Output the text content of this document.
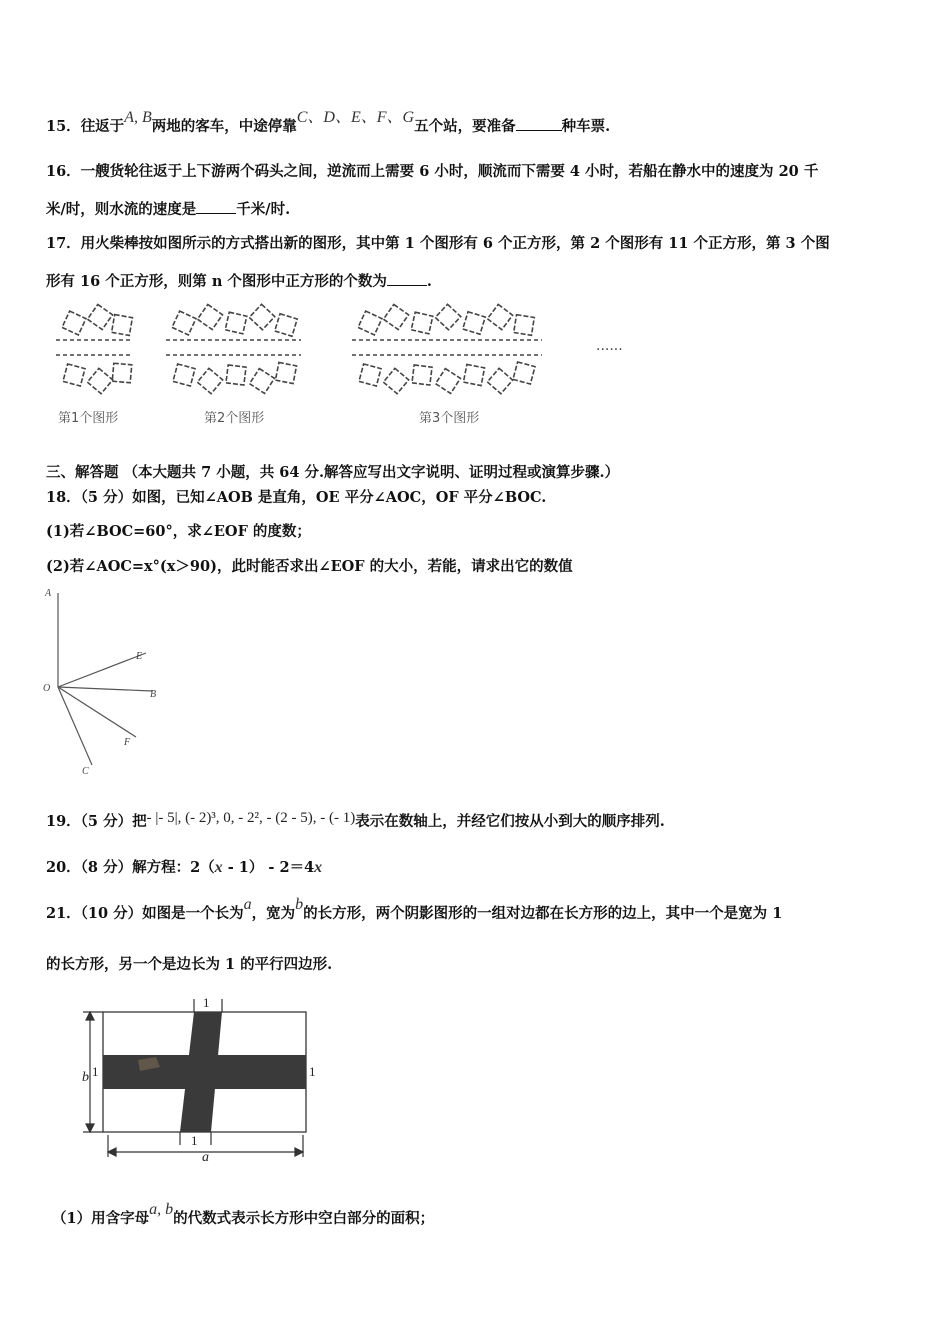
15．往返于A, B两地的客车，中途停靠C、D、E、F、G五个站，要准备	种车票.
16．一艘货轮往返于上下游两个码头之间，逆流而上需要 6 小时，顺流而下需要 4 小时，若船在静水中的速度为 20 千
米/时，则水流的速度是	千米/时.
17．用火柴棒按如图所示的方式搭出新的图形，其中第 1 个图形有 6 个正方形，第 2 个图形有 11 个正方形，第 3 个图
形有 16 个正方形，则第 n 个图形中正方形的个数为	.
第1个图形	第2个图形	第3个图形
......
三、解答题 （本大题共 7 小题，共 64 分.解答应写出文字说明、证明过程或演算步骤.）
18．（5 分）如图，已知∠AOB 是直角，OE 平分∠AOC，OF 平分∠BOC.
(1)若∠BOC=60°，求∠EOF 的度数；
(2)若∠AOC=x°(x＞90)，此时能否求出∠EOF 的大小，若能，请求出它的数值
A
E
O
B
F
C
19．（5 分）把- |- 5|, (- 2)³, 0, - 2², - (2 - 5), - (- 1)表示在数轴上，并经它们按从小到大的顺序排列.
20．（8 分）解方程：2（x - 1） - 2＝4x
21．（10 分）如图是一个长为a，宽为b的长方形，两个阴影图形的一组对边都在长方形的边上，其中一个是宽为 1
的长方形，另一个是边长为 1 的平行四边形.
1
1	1
1
b
a
（1）用含字母a, b的代数式表示长方形中空白部分的面积；
